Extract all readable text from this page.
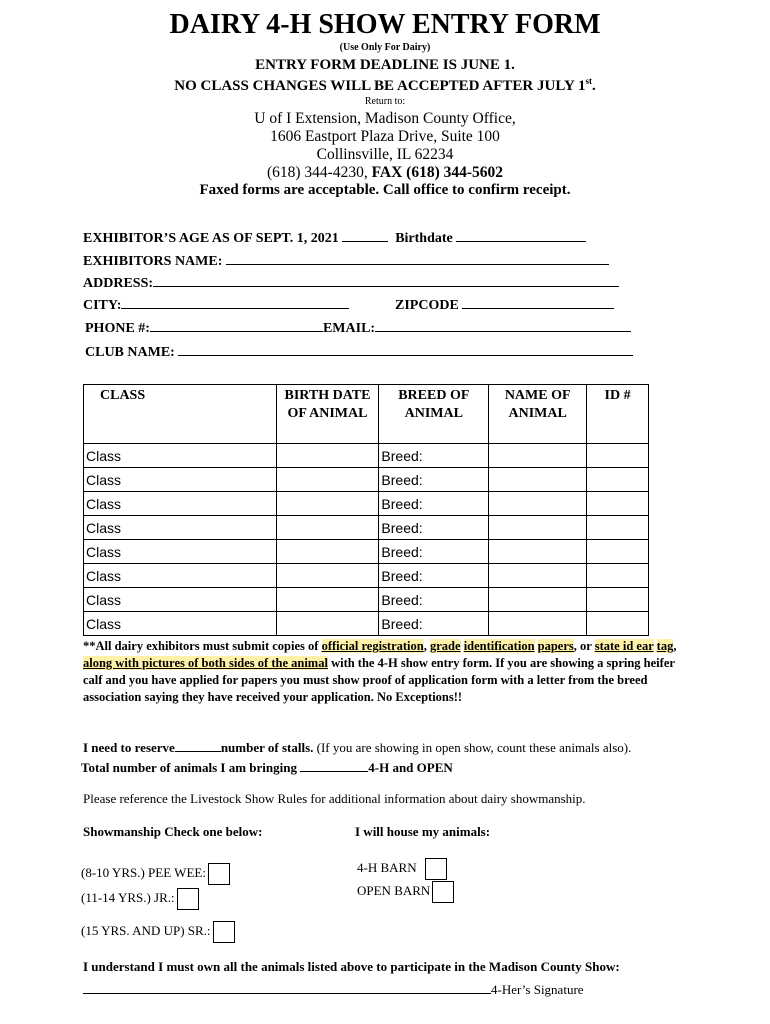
DAIRY 4-H SHOW ENTRY FORM
(Use Only For Dairy)
ENTRY FORM DEADLINE IS JUNE 1.
NO CLASS CHANGES WILL BE ACCEPTED AFTER JULY 1st.
Return to:
U of I Extension, Madison County Office,
1606 Eastport Plaza Drive, Suite 100
Collinsville, IL 62234
(618) 344-4230, FAX (618) 344-5602
Faxed forms are acceptable. Call office to confirm receipt.
EXHIBITOR’S AGE AS OF SEPT. 1, 2021	Birthdate
EXHIBITORS NAME:
ADDRESS:
CITY:	ZIPCODE
PHONE #:	EMAIL:
CLUB NAME:
CLASS	BIRTH DATE OF ANIMAL	BREED OF ANIMAL	NAME OF ANIMAL	ID #
Class		Breed:		
Class		Breed:		
Class		Breed:		
Class		Breed:		
Class		Breed:		
Class		Breed:		
Class		Breed:		
Class		Breed:		
**All dairy exhibitors must submit copies of official registration, grade identification papers, or state id ear tag, along with pictures of both sides of the animal with the 4-H show entry form. If you are showing a spring heifer calf and you have applied for papers you must show proof of application form with a letter from the breed association saying they have received your application. No Exceptions!!
I need to reserve	number of stalls. (If you are showing in open show, count these animals also).
Total number of animals I am bringing	4-H and OPEN
Please reference the Livestock Show Rules for additional information about dairy showmanship.
Showmanship Check one below:	I will house my animals:
(8-10 YRS.) PEE WEE:
(11-14 YRS.) JR.:
(15 YRS. AND UP) SR.:
4-H BARN
OPEN BARN
I understand I must own all the animals listed above to participate in the Madison County Show:
4-Her’s Signature
